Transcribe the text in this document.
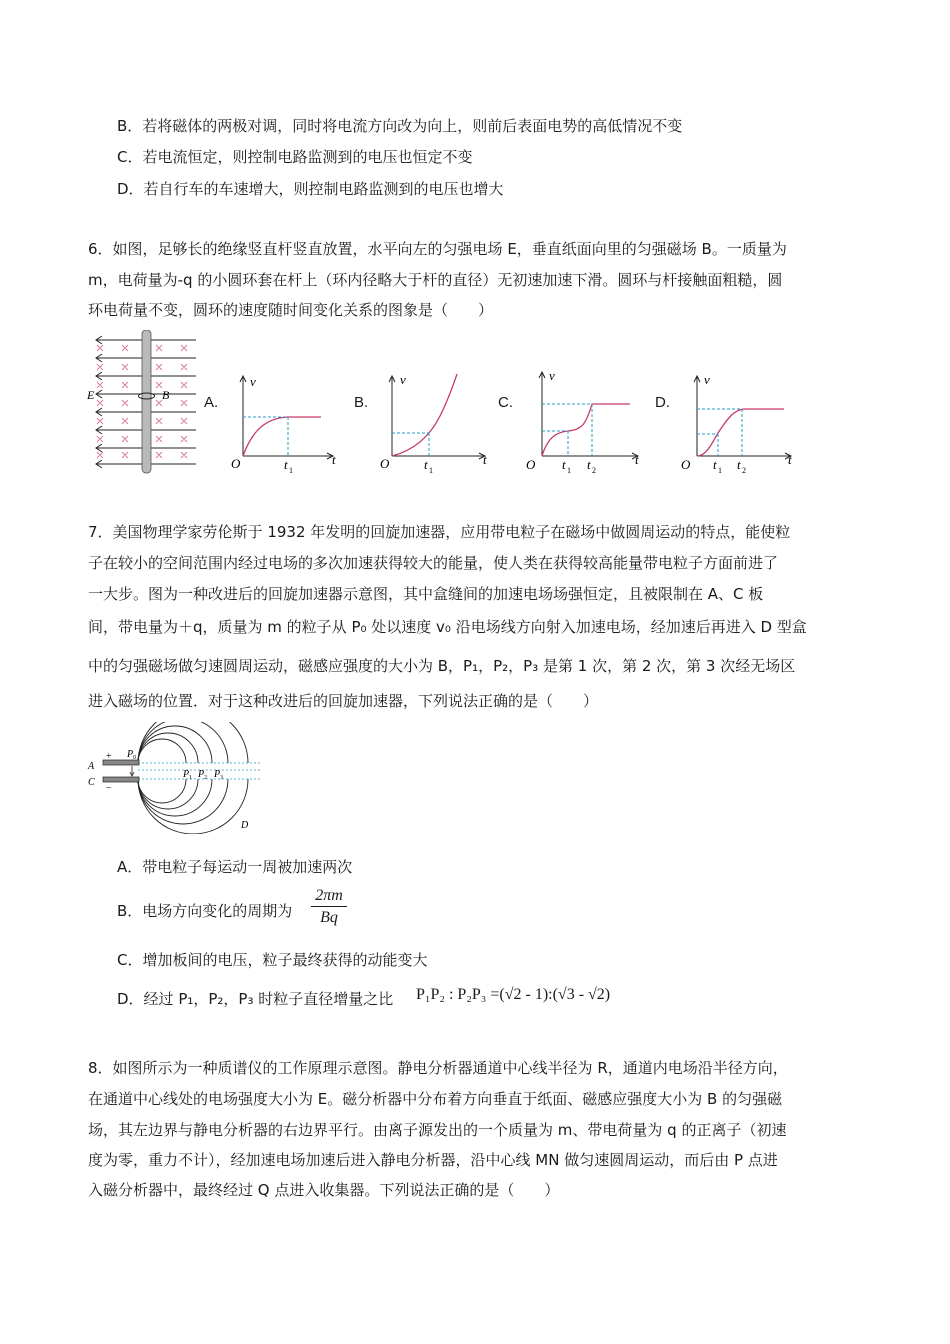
B．若将磁体的两极对调，同时将电流方向改为向上，则前后表面电势的高低情况不变
C．若电流恒定，则控制电路监测到的电压也恒定不变
D．若自行车的车速增大，则控制电路监测到的电压也增大
6．如图，足够长的绝缘竖直杆竖直放置，水平向左的匀强电场 E，垂直纸面向里的匀强磁场 B。一质量为
m，电荷量为-q 的小圆环套在杆上（环内径略大于杆的直径）无初速加速下滑。圆环与杆接触面粗糙，圆
环电荷量不变，圆环的速度随时间变化关系的图象是（　　）
E	B A.	B.	C.	D.
v
O	t
t 1
v
O	t
t 1
v
O	t
t 1 t 2
v
O	t
t 1 t 2
7．美国物理学家劳伦斯于 1932 年发明的回旋加速器，应用带电粒子在磁场中做圆周运动的特点，能使粒
子在较小的空间范围内经过电场的多次加速获得较大的能量，使人类在获得较高能量带电粒子方面前进了
一大步。图为一种改进后的回旋加速器示意图，其中盒缝间的加速电场场强恒定，且被限制在 A、C 板
间，带电量为＋q，质量为 m 的粒子从 P₀ 处以速度 v₀ 沿电场线方向射入加速电场，经加速后再进入 D 型盒
中的匀强磁场做匀速圆周运动，磁感应强度的大小为 B，P₁，P₂，P₃ 是第 1 次，第 2 次，第 3 次经无场区
进入磁场的位置．对于这种改进后的回旋加速器，下列说法正确的是（　　）
A
C
+
−
P 0
P 1 P 2 P 3
D
A．带电粒子每运动一周被加速两次
B．电场方向变化的周期为
2πm
Bq
C．增加板间的电压，粒子最终获得的动能变大
D．经过 P₁，P₂，P₃ 时粒子直径增量之比 P₁P₂ : P₂P₃ =(√2 - 1):(√3 - √2)
8．如图所示为一种质谱仪的工作原理示意图。静电分析器通道中心线半径为 R，通道内电场沿半径方向，
在通道中心线处的电场强度大小为 E。磁分析器中分布着方向垂直于纸面、磁感应强度大小为 B 的匀强磁
场，其左边界与静电分析器的右边界平行。由离子源发出的一个质量为 m、带电荷量为 q 的正离子（初速
度为零，重力不计），经加速电场加速后进入静电分析器，沿中心线 MN 做匀速圆周运动，而后由 P 点进
入磁分析器中，最终经过 Q 点进入收集器。下列说法正确的是（　　）
